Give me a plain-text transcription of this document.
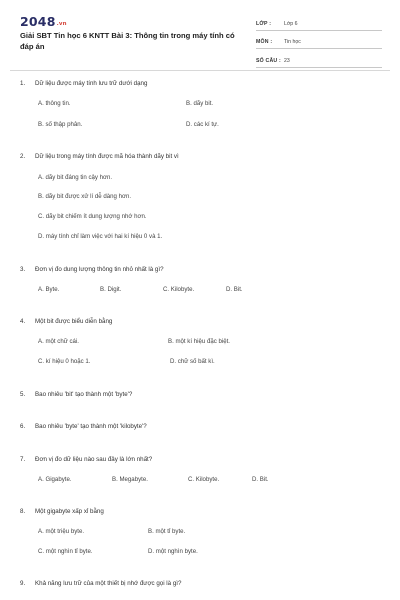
2048.vn
Giải SBT Tin học 6 KNTT Bài 3: Thông tin trong máy tính có đáp án
LỚP : Lớp 6
MÔN : Tin học
SỐ CÂU : 23
1. Dữ liệu được máy tính lưu trữ dưới dạng
A. thông tin.	B. dãy bit.
B. số thập phân.	D. các kí tự.
2. Dữ liệu trong máy tính được mã hóa thành dãy bit vì
A. dãy bit đáng tin cậy hơn.
B. dãy bit được xử lí dễ dàng hơn.
C. dãy bit chiếm ít dung lượng nhớ hơn.
D. máy tính chỉ làm việc với hai kí hiệu 0 và 1.
3. Đơn vị đo dung lượng thông tin nhỏ nhất là gì?
A. Byte.	B. Digit.	C. Kilobyte.	D. Bit.
4. Một bit được biểu diễn bằng
A. một chữ cái.	B. một kí hiệu đặc biệt.
C. kí hiệu 0 hoặc 1.	D. chữ số bất kì.
5. Bao nhiêu 'bit' tạo thành một 'byte'?
6. Bao nhiêu 'byte' tạo thành một 'kilobyte'?
7. Đơn vị đo dữ liệu nào sau đây là lớn nhất?
A. Gigabyte.	B. Megabyte.	C. Kilobyte.	D. Bit.
8. Một gigabyte xấp xỉ bằng
A. một triệu byte.	B. một tỉ byte.
C. một nghìn tỉ byte.	D. một nghìn byte.
9. Khả năng lưu trữ của một thiết bị nhớ được gọi là gì?
